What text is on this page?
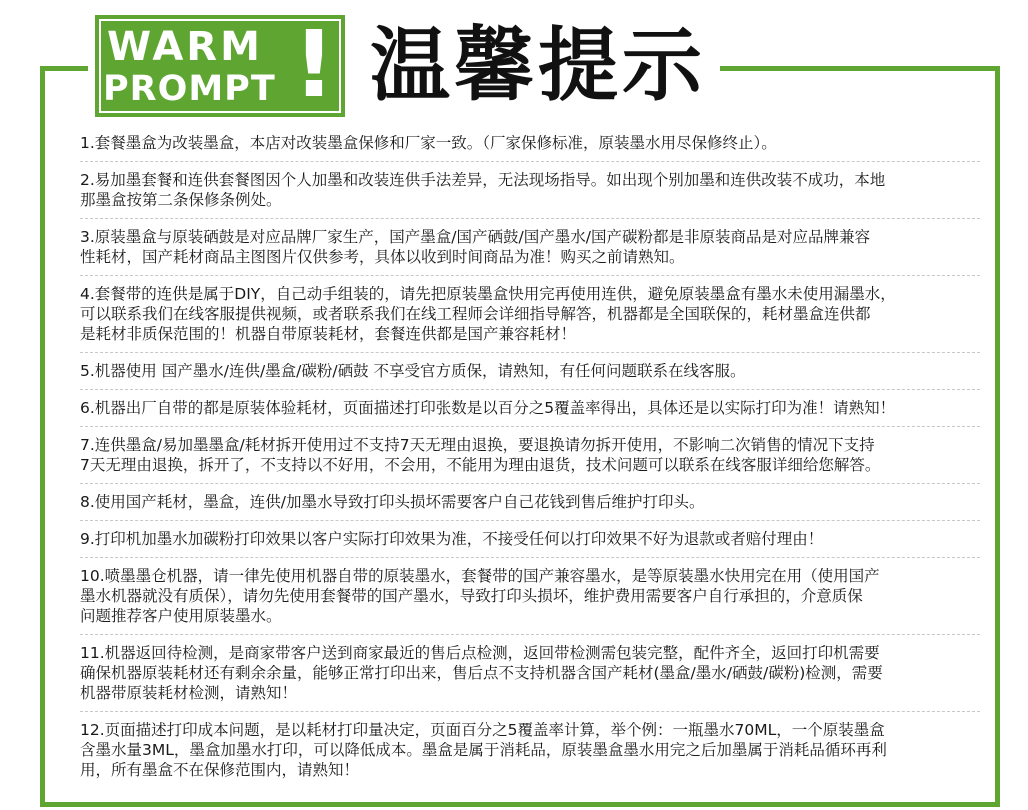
WARM
PROMPT ! 温馨提示
1.套餐墨盒为改装墨盒，本店对改装墨盒保修和厂家一致。（厂家保修标准，原装墨水用尽保修终止）。
2.易加墨套餐和连供套餐图因个人加墨和改装连供手法差异，无法现场指导。如出现个别加墨和连供改装不成功，本地
那墨盒按第二条保修条例处。
3.原装墨盒与原装硒鼓是对应品牌厂家生产，国产墨盒/国产硒鼓/国产墨水/国产碳粉都是非原装商品是对应品牌兼容
性耗材，国产耗材商品主图图片仅供参考，具体以收到时间商品为准！购买之前请熟知。
4.套餐带的连供是属于DIY，自己动手组装的，请先把原装墨盒快用完再使用连供，避免原装墨盒有墨水未使用漏墨水，
可以联系我们在线客服提供视频，或者联系我们在线工程师会详细指导解答，机器都是全国联保的，耗材墨盒连供都
是耗材非质保范围的！机器自带原装耗材，套餐连供都是国产兼容耗材！
5.机器使用 国产墨水/连供/墨盒/碳粉/硒鼓 不享受官方质保，请熟知，有任何问题联系在线客服。
6.机器出厂自带的都是原装体验耗材，页面描述打印张数是以百分之5覆盖率得出，具体还是以实际打印为准！请熟知！
7.连供墨盒/易加墨墨盒/耗材拆开使用过不支持7天无理由退换，要退换请勿拆开使用，不影响二次销售的情况下支持
7天无理由退换，拆开了，不支持以不好用，不会用，不能用为理由退货，技术问题可以联系在线客服详细给您解答。
8.使用国产耗材，墨盒，连供/加墨水导致打印头损坏需要客户自己花钱到售后维护打印头。
9.打印机加墨水加碳粉打印效果以客户实际打印效果为准，不接受任何以打印效果不好为退款或者赔付理由！
10.喷墨墨仓机器，请一律先使用机器自带的原装墨水，套餐带的国产兼容墨水，是等原装墨水快用完在用（使用国产
墨水机器就没有质保），请勿先使用套餐带的国产墨水，导致打印头损坏，维护费用需要客户自行承担的，介意质保
问题推荐客户使用原装墨水。
11.机器返回待检测，是商家带客户送到商家最近的售后点检测，返回带检测需包装完整，配件齐全，返回打印机需要
确保机器原装耗材还有剩余余量，能够正常打印出来，售后点不支持机器含国产耗材(墨盒/墨水/硒鼓/碳粉)检测，需要
机器带原装耗材检测，请熟知！
12.页面描述打印成本问题，是以耗材打印量决定，页面百分之5覆盖率计算，举个例：一瓶墨水70ML，一个原装墨盒
含墨水量3ML，墨盒加墨水打印，可以降低成本。墨盒是属于消耗品，原装墨盒墨水用完之后加墨属于消耗品循环再利
用，所有墨盒不在保修范围内，请熟知！
